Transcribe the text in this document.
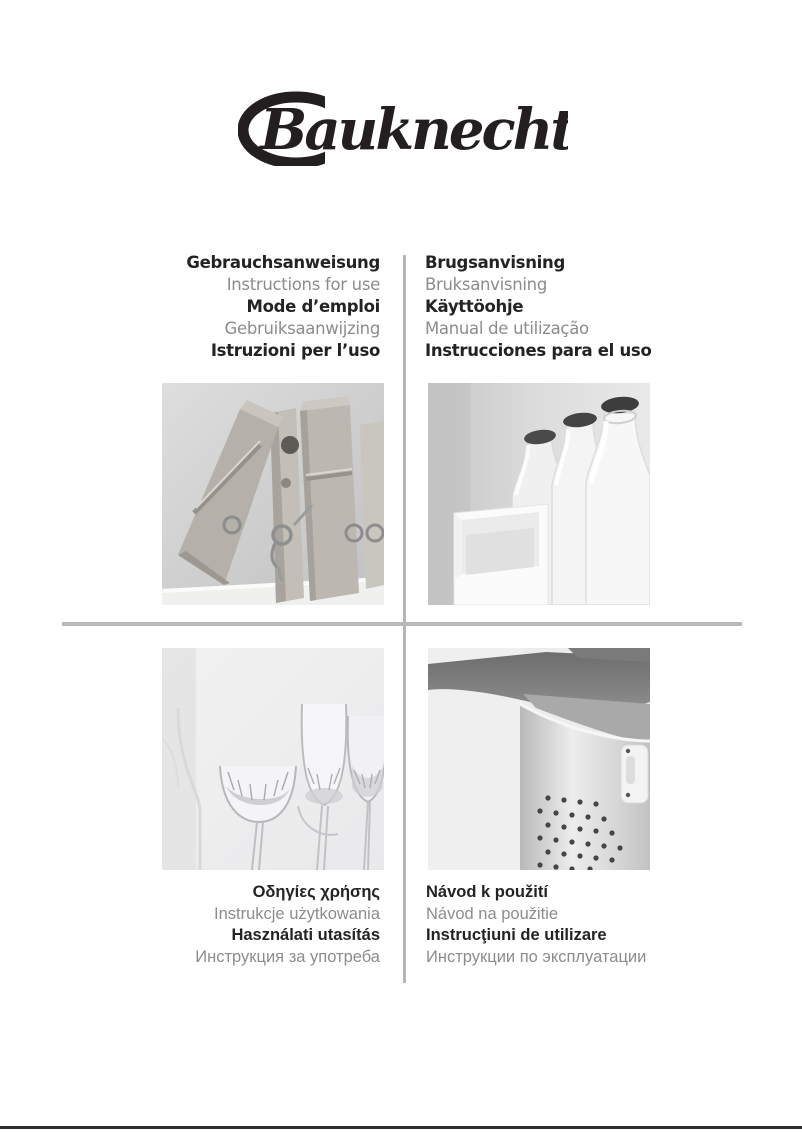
Bauknecht
Gebrauchsanweisung
Instructions for use
Mode d’emploi
Gebruiksaanwijzing
Istruzioni per l’uso
Brugsanvisning
Bruksanvisning
Käyttöohje
Manual de utilização
Instrucciones para el uso
Οδηγίες χρήσης
Instrukcje użytkowania
Használati utasítás
Инструкция за употреба
Návod k použití
Návod na použitie
Instrucţiuni de utilizare
Инструкции по эксплуатации
